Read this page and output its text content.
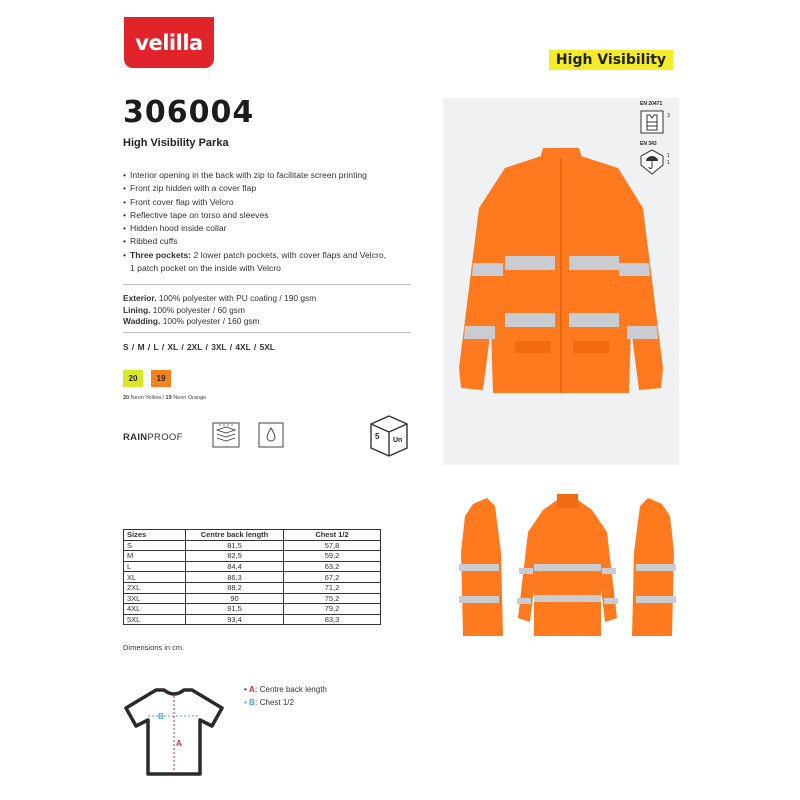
velilla
High Visibility
306004
High Visibility Parka
• Interior opening in the back with zip to facilitate screen printing
• Front zip hidden with a cover flap
• Front cover flap with Velcro
• Reflective tape on torso and sleeves
• Hidden hood inside collar
• Ribbed cuffs
• Three pockets: 2 lower patch pockets, with cover flaps and Velcro,
1 patch pocket on the inside with Velcro
Exterior. 100% polyester with PU coating / 190 gsm
Lining. 100% polyester / 60 gsm
Wadding. 100% polyester / 160 gsm
S / M / L / XL / 2XL / 3XL / 4XL / 5XL
20 19
20 Neon Yellow / 19 Neon Orange
RAINPROOF	5 Un
EN 20471
3
EN 343
1
1
Sizes	Centre back length	Chest 1/2
S	81,5	57,8
M	82,5	59,2
L	84,4	63,2
XL	86,3	67,2
2XL	88,2	71,2
3XL	90	75,2
4XL	91,5	79,2
5XL	93,4	83,3
Dimensions in cm.
B
A
• A: Centre back length
• B: Chest 1/2
